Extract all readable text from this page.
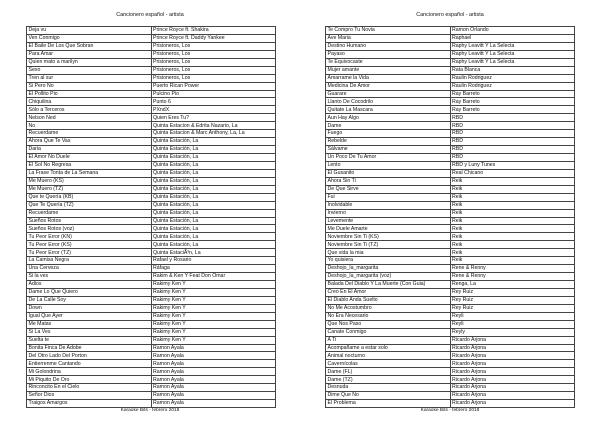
Cancionero español - artista
Deja vu	Prince Royce ft. Shakira
Ven Conmigo	Prince Royce ft. Daddy Yankee
El Baile De Los Que Sobran	Prisioneros, Los
Para Amar	Prisioneros, Los
Quien mato a marilyn	Prisioneros, Los
Sexo	Prisioneros, Los
Tren al sur	Prisioneros, Los
Si Pero No	Puerto Rican Power
El Pollito Pio	Pulcino Pio
Chiquilina	Punto 6
Sólo a Terceros	PXndX
Nelson Ned	Quien Eres Tu?
No	Quinta Estacion & Edrita Nazario, La
Recuerdame	Quinta Estacion & Marc Anthony, La, La
Ahora Que Te Vas	Quinta Estación, La
Daria	Quinta Estación, La
El Amor No Duele	Quinta Estación, La
El Sol No Regresa	Quinta Estación, La
La Frase Tonta de La Semana	Quinta Estación, La
Me Muero (KS)	Quinta Estación, La
Me Muero (TZ)	Quinta Estación, La
Que te Quería (KB)	Quinta Estación, La
Que Te Quería (TZ)	Quinta Estación, La
Recuerdame	Quinta Estación, La
Sueños Rotos	Quinta Estación, La
Sueños Rotos (voz)	Quinta Estación, La
Tu Peor Error (KN)	Quinta Estación, La
Tu Peor Error (KS)	Quinta Estación, La
Tu Peor Error (TZ)	Quinta EstaciÃ³n, La
La Camisa Negra	Rafael y Rosario
Una Cerveza	Ráfaga
Si la ves	Rakim & Ken Y Feat Don Omar
Adios	Rakimy Ken Y
Dame Lo Que Quiero	Rakimy Ken Y
De La Calle Soy	Rakimy Ken Y
Down	Rakimy Ken Y
Igual Que Ayer	Rakimy Ken Y
Me Matas	Rakimy Ken Y
Si La Ves	Rakimy Ken Y
Suelta te	Rakimy Ken Y
Bonita Finca De Adobe	Ramon Ayala
Del Otro Lado Del Porton	Ramon Ayala
Entierrenme Cantando	Ramon Ayala
Mi Golondrina	Ramon Ayala
Mi Piquito De Oro	Ramon Ayala
Rinconcito En el Cielo	Ramon Ayala
Señor Dios	Ramon Ayala
Traigos Amargos	Ramon Ayala
Karaoke Bits - febrero 2018
Cancionero español - artista
Te Compro Tu Novia	Ramon Orlando
Ave Maria	Raphael
Destino Humano	Raphy Leavitt Y La Selecta
Payaso	Raphy Leavitt Y La Selecta
Te Equivocaste	Raphy Leavitt Y La Selecta
Mujer amante	Rata Blanca
Amarrame la Vida	Raulin Rodriguez
Medicina De Amor	Raulin Rodriguez
Guarare	Ray Barreto
Llanto De Cocodrilo	Ray Barreto
Quitate La Mascara	Ray Barreto
Aun Hay Algo	RBD
Dame	RBD
Fuego	RBD
Rebelde	RBD
Sálvame	RBD
Un Poco De Tu Amor	RBD
Lento	RBD y Luny Tunes
El Gusanito	Real Chicano
Ahora Sin Ti	Reik
De Que Sirve	Reik
Fui	Reik
Inolvidable	Reik
Invierno	Reik
Levemente	Reik
Me Duele Amarte	Reik
Noviembre Sin Ti (KS)	Reik
Noviembre Sin Ti (TZ)	Reik
Que vida la mia	Reik
Yo quisiera	Reik
Deshojo_la_margarita	Rene & Renny
Deshojo_la_margarita (voz)	Rene & Renny
Balada Del Diablo Y La Muerte (Con Guia)	Renga, La
Creo En El Amor	Rey Ruiz
El Diablo Anda Suelto	Rey Ruiz
No Me Acostumbro	Rey Ruiz
No Era Necesario	Reyli
Que Nos Paso	Reyli
Canate Conmigo	Reyly
A Ti	Ricardo Arjona
Acompañame a estar solo	Ricardo Arjona
Animal nocturno	Ricardo Arjona
Cavernícolas	Ricardo Arjona
Dame (FL)	Ricardo Arjona
Dame (TZ)	Ricardo Arjona
Desnuda	Ricardo Arjona
Dime Que No	Ricardo Arjona
El Problema	Ricardo Arjona
Karaoke Bits - febrero 2018
